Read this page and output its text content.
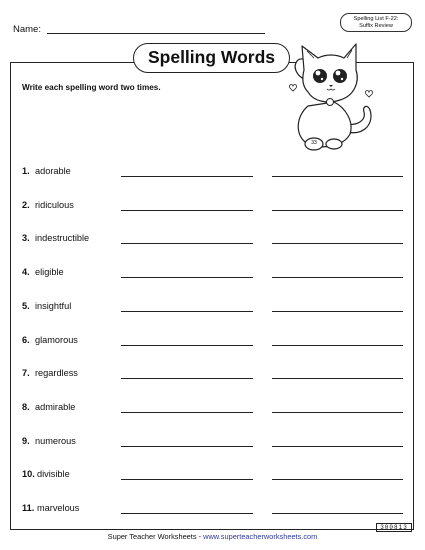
Name:
Spelling List F-22:
Suffix Review
Spelling Words
Write each spelling word two times.
33
1. adorable
2. ridiculous
3. indestructible
4. eligible
5. insightful
6. glamorous
7. regardless
8. admirable
9. numerous
10. divisible
11. marvelous
Super Teacher Worksheets - www.superteacherworksheets.com
300813
